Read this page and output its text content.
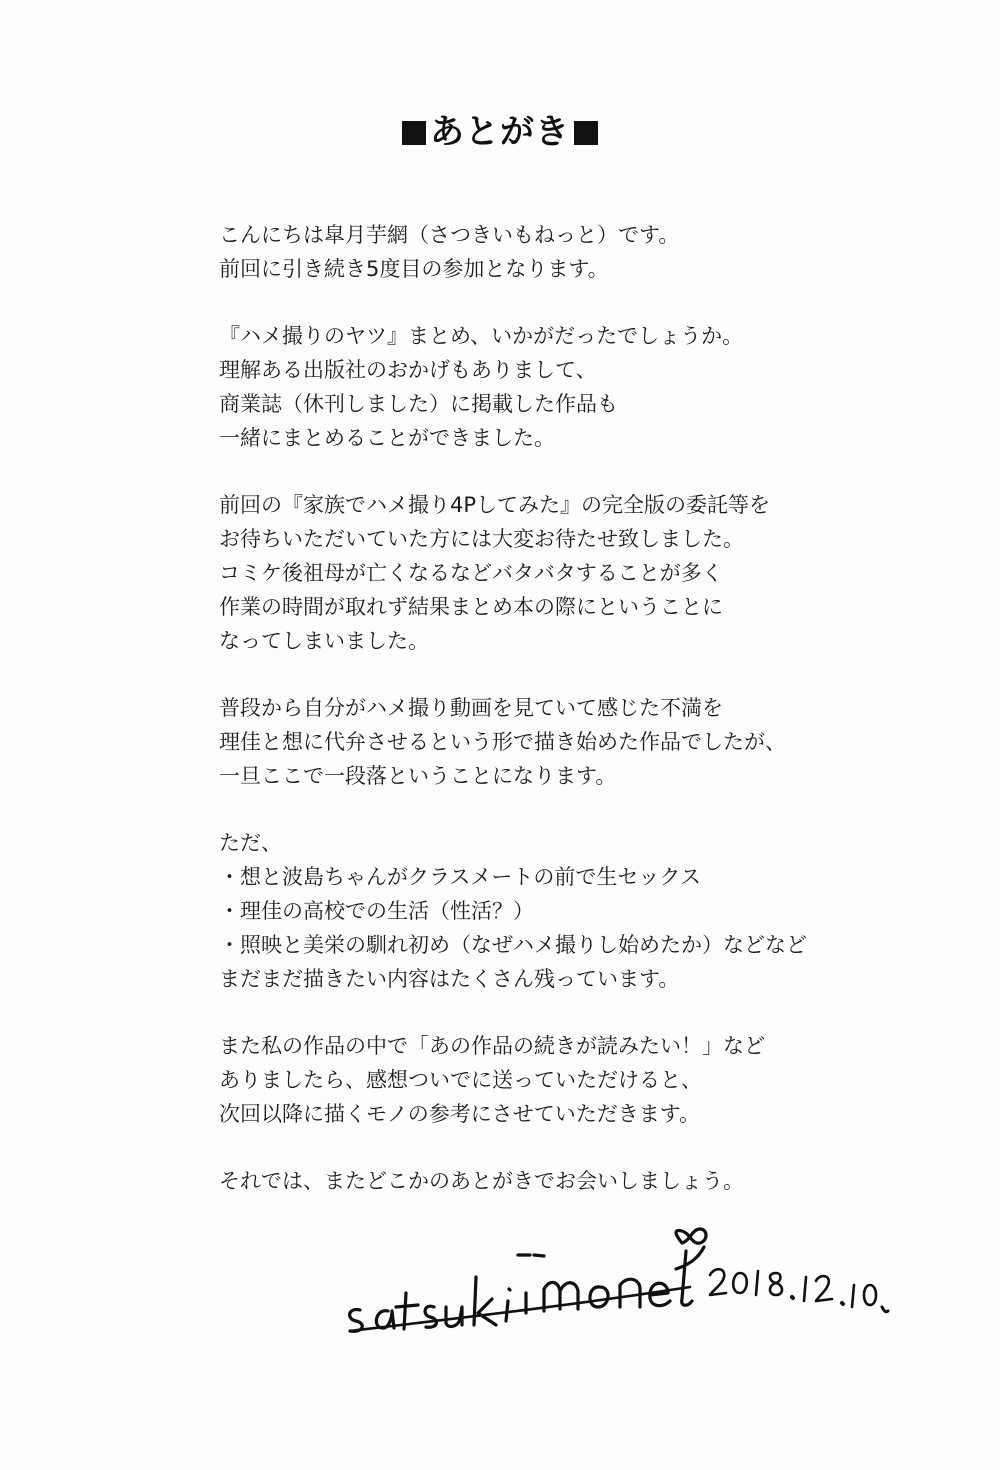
あとがき
こんにちは皐月芋網（さつきいもねっと）です。
前回に引き続き5度目の参加となります。
『ハメ撮りのヤツ』まとめ、いかがだったでしょうか。
理解ある出版社のおかげもありまして、
商業誌（休刊しました）に掲載した作品も
一緒にまとめることができました。
前回の『家族でハメ撮り4Pしてみた』の完全版の委託等を
お待ちいただいていた方には大変お待たせ致しました。
コミケ後祖母が亡くなるなどバタバタすることが多く
作業の時間が取れず結果まとめ本の際にということに
なってしまいました。
普段から自分がハメ撮り動画を見ていて感じた不満を
理佳と想に代弁させるという形で描き始めた作品でしたが、
一旦ここで一段落ということになります。
ただ、
・想と波島ちゃんがクラスメートの前で生セックス
・理佳の高校での生活（性活？）
・照映と美栄の馴れ初め（なぜハメ撮りし始めたか）などなど
まだまだ描きたい内容はたくさん残っています。
また私の作品の中で「あの作品の続きが読みたい！」など
ありましたら、感想ついでに送っていただけると、
次回以降に描くモノの参考にさせていただきます。
それでは、またどこかのあとがきでお会いしましょう。
